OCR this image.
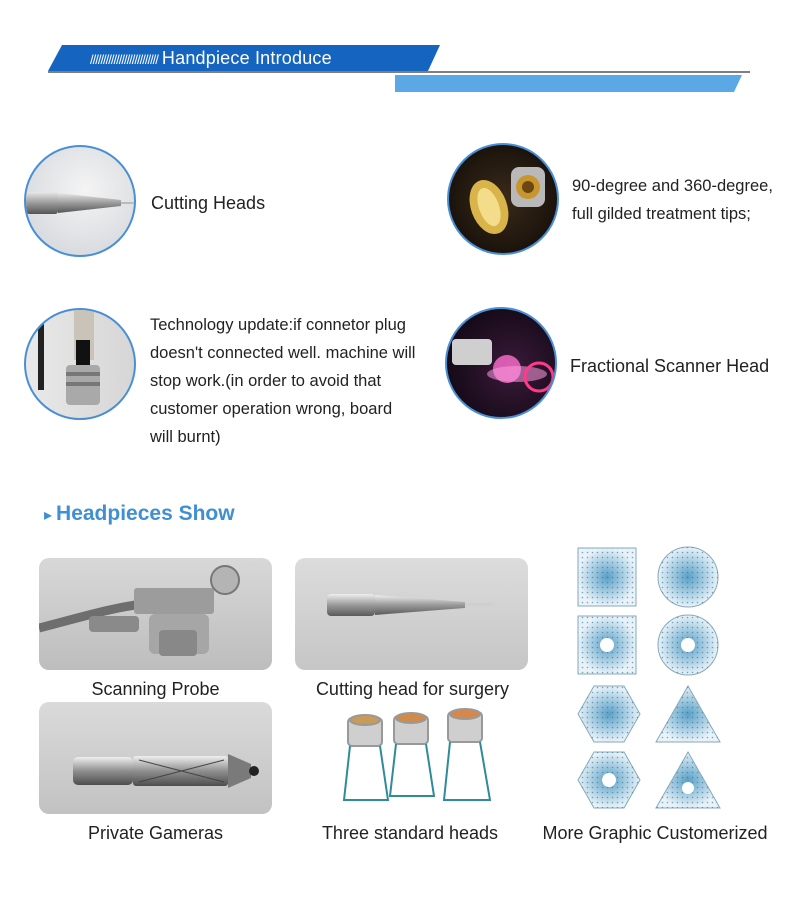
////////////////////////// Handpiece Introduce
Cutting Heads
90-degree and 360-degree,
full gilded treatment tips;
Technology update:if connetor plug
doesn't connected well. machine will
stop work.(in order to avoid that
customer operation wrong, board
will burnt)
Fractional Scanner Head
▸ Headpieces Show
Scanning Probe	Cutting head for surgery
Private Gameras	Three standard heads	More Graphic Customerized
